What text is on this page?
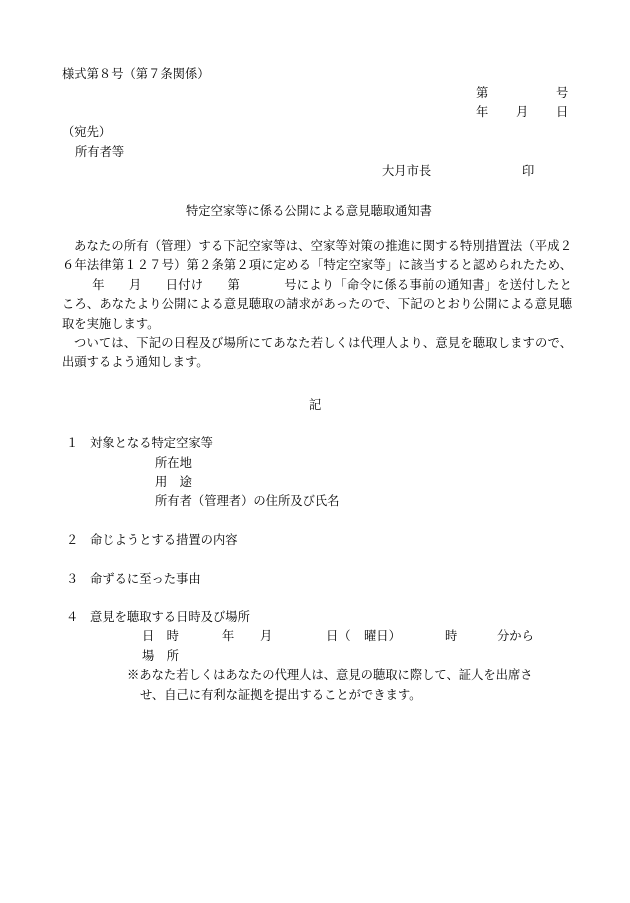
様式第８号（第７条関係）
第	号
年 月 日
（宛先）
所有者等
大月市長	印
特定空家等に係る公開による意見聴取通知書

あなたの所有（管理）する下記空家等は、空家等対策の推進に関する特別措置法（平成２６年法律第１２７号）第２条第２項に定める「特定空家等」に該当すると認められたため、年 月 日付け 第	号により「命令に係る事前の通知書」を送付したところ、あなたより公開による意見聴取の請求があったので、下記のとおり公開による意見聴取を実施します。

ついては、下記の日程及び場所にてあなた若しくは代理人より、意見を聴取しますので、出頭するよう通知します。

記
１ 対象となる特定空家等
所在地
用　途
所有者（管理者）の住所及び氏名
２ 命じようとする措置の内容
３ 命ずるに至った事由
４ 意見を聴取する日時及び場所
日　時	年 月	日（ 曜日）	時	分から
場　所
※あなた若しくはあなたの代理人は、意見の聴取に際して、証人を出席さ
せ、自己に有利な証拠を提出することができます。
